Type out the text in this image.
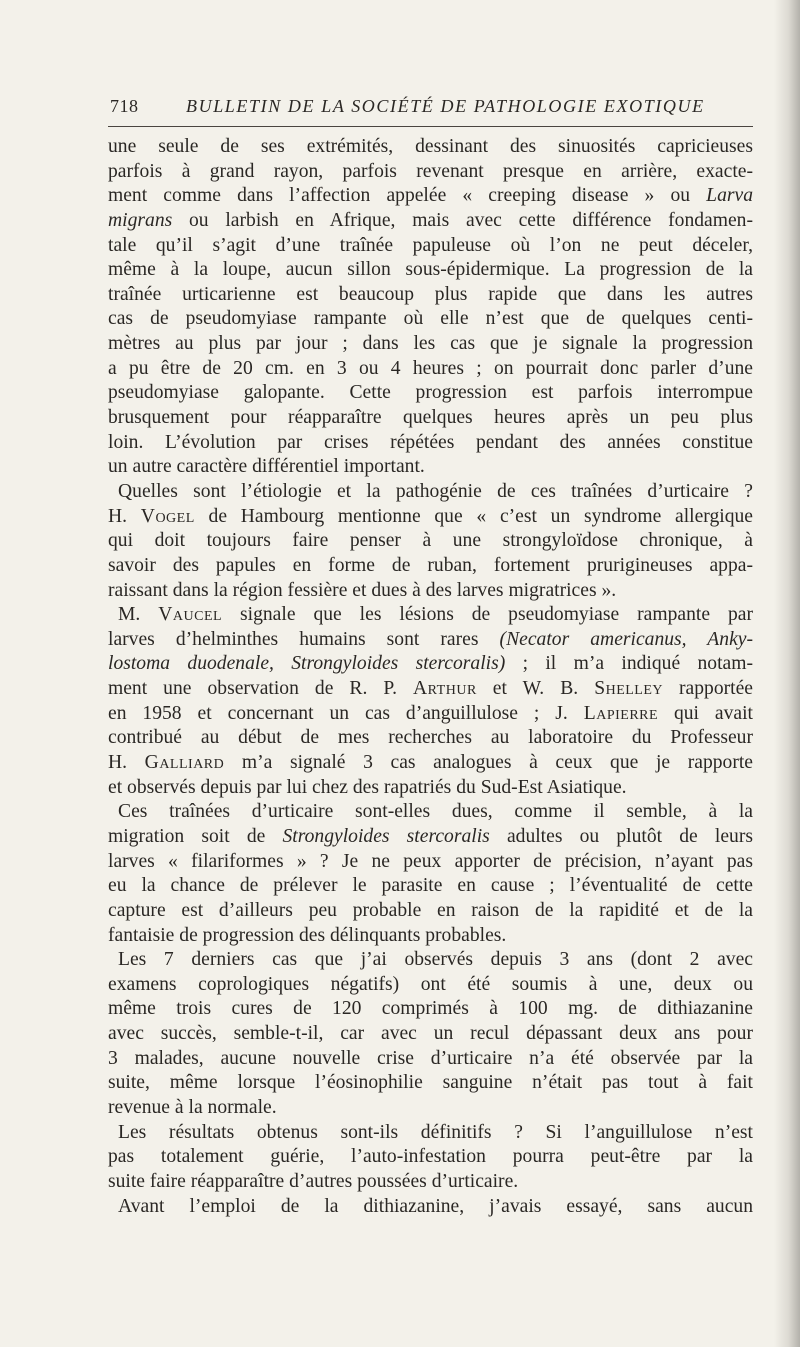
718	BULLETIN DE LA SOCIÉTÉ DE PATHOLOGIE EXOTIQUE
une seule de ses extrémités, dessinant des sinuosités capricieuses
parfois à grand rayon, parfois revenant presque en arrière, exacte-
ment comme dans l’affection appelée « creeping disease » ou Larva
migrans ou larbish en Afrique, mais avec cette différence fondamen-
tale qu’il s’agit d’une traînée papuleuse où l’on ne peut déceler,
même à la loupe, aucun sillon sous-épidermique. La progression de la
traînée urticarienne est beaucoup plus rapide que dans les autres
cas de pseudomyiase rampante où elle n’est que de quelques centi-
mètres au plus par jour ; dans les cas que je signale la progression
a pu être de 20 cm. en 3 ou 4 heures ; on pourrait donc parler d’une
pseudomyiase galopante. Cette progression est parfois interrompue
brusquement pour réapparaître quelques heures après un peu plus
loin. L’évolution par crises répétées pendant des années constitue
un autre caractère différentiel important.
Quelles sont l’étiologie et la pathogénie de ces traînées d’urticaire ?
H. Vogel de Hambourg mentionne que « c’est un syndrome allergique
qui doit toujours faire penser à une strongyloïdose chronique, à
savoir des papules en forme de ruban, fortement prurigineuses appa-
raissant dans la région fessière et dues à des larves migratrices ».
M. Vaucel signale que les lésions de pseudomyiase rampante par
larves d’helminthes humains sont rares (Necator americanus, Anky-
lostoma duodenale, Strongyloides stercoralis) ; il m’a indiqué notam-
ment une observation de R. P. Arthur et W. B. Shelley rapportée
en 1958 et concernant un cas d’anguillulose ; J. Lapierre qui avait
contribué au début de mes recherches au laboratoire du Professeur
H. Galliard m’a signalé 3 cas analogues à ceux que je rapporte
et observés depuis par lui chez des rapatriés du Sud-Est Asiatique.
Ces traînées d’urticaire sont-elles dues, comme il semble, à la
migration soit de Strongyloides stercoralis adultes ou plutôt de leurs
larves « filariformes » ? Je ne peux apporter de précision, n’ayant pas
eu la chance de prélever le parasite en cause ; l’éventualité de cette
capture est d’ailleurs peu probable en raison de la rapidité et de la
fantaisie de progression des délinquants probables.
Les 7 derniers cas que j’ai observés depuis 3 ans (dont 2 avec
examens coprologiques négatifs) ont été soumis à une, deux ou
même trois cures de 120 comprimés à 100 mg. de dithiazanine
avec succès, semble-t-il, car avec un recul dépassant deux ans pour
3 malades, aucune nouvelle crise d’urticaire n’a été observée par la
suite, même lorsque l’éosinophilie sanguine n’était pas tout à fait
revenue à la normale.
Les résultats obtenus sont-ils définitifs ? Si l’anguillulose n’est
pas totalement guérie, l’auto-infestation pourra peut-être par la
suite faire réapparaître d’autres poussées d’urticaire.
Avant l’emploi de la dithiazanine, j’avais essayé, sans aucun
